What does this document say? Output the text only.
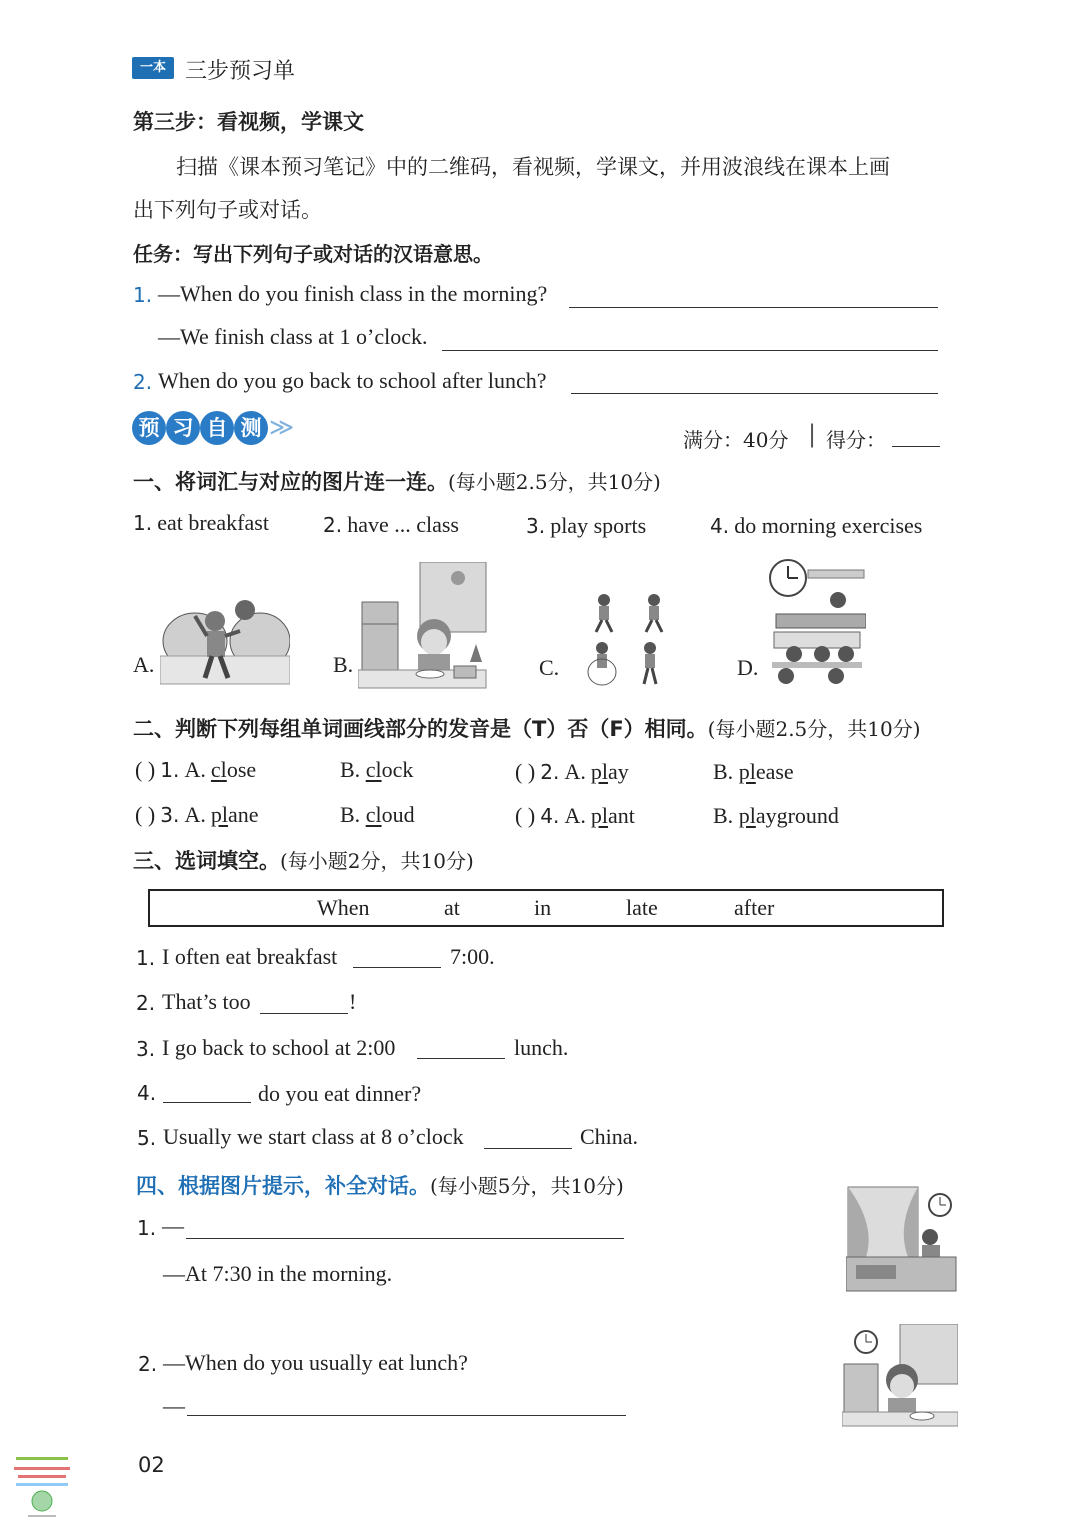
一本 三步预习单
第三步：看视频，学课文
扫描《课本预习笔记》中的二维码，看视频，学课文，并用波浪线在课本上画
出下列句子或对话。
任务：写出下列句子或对话的汉语意思。
1. —When do you finish class in the morning?
—We finish class at 1 o’clock.
2. When do you go back to school after lunch?
预 习 自 测 ≫	满分：40分 | 得分：
一、将词汇与对应的图片连一连。(每小题2.5分，共10分)
1. eat breakfast	2. have ... class	3. play sports	4. do morning exercises
A.	B.	C.	D.
二、判断下列每组单词画线部分的发音是（T）否（F）相同。(每小题2.5分，共10分)
( ) 1. A. close	B. clock	( ) 2. A. play	B. please
( ) 3. A. plane	B. cloud	( ) 4. A. plant	B. playground
三、选词填空。(每小题2分，共10分)
When	at	in	late	after
1. I often eat breakfast	7:00.
2. That’s too	!
3. I go back to school at 2:00	lunch.
4.	do you eat dinner?
5. Usually we start class at 8 o’clock	China.
四、根据图片提示，补全对话。(每小题5分，共10分)
1. —
—At 7:30 in the morning.
2. —When do you usually eat lunch?
—
02
